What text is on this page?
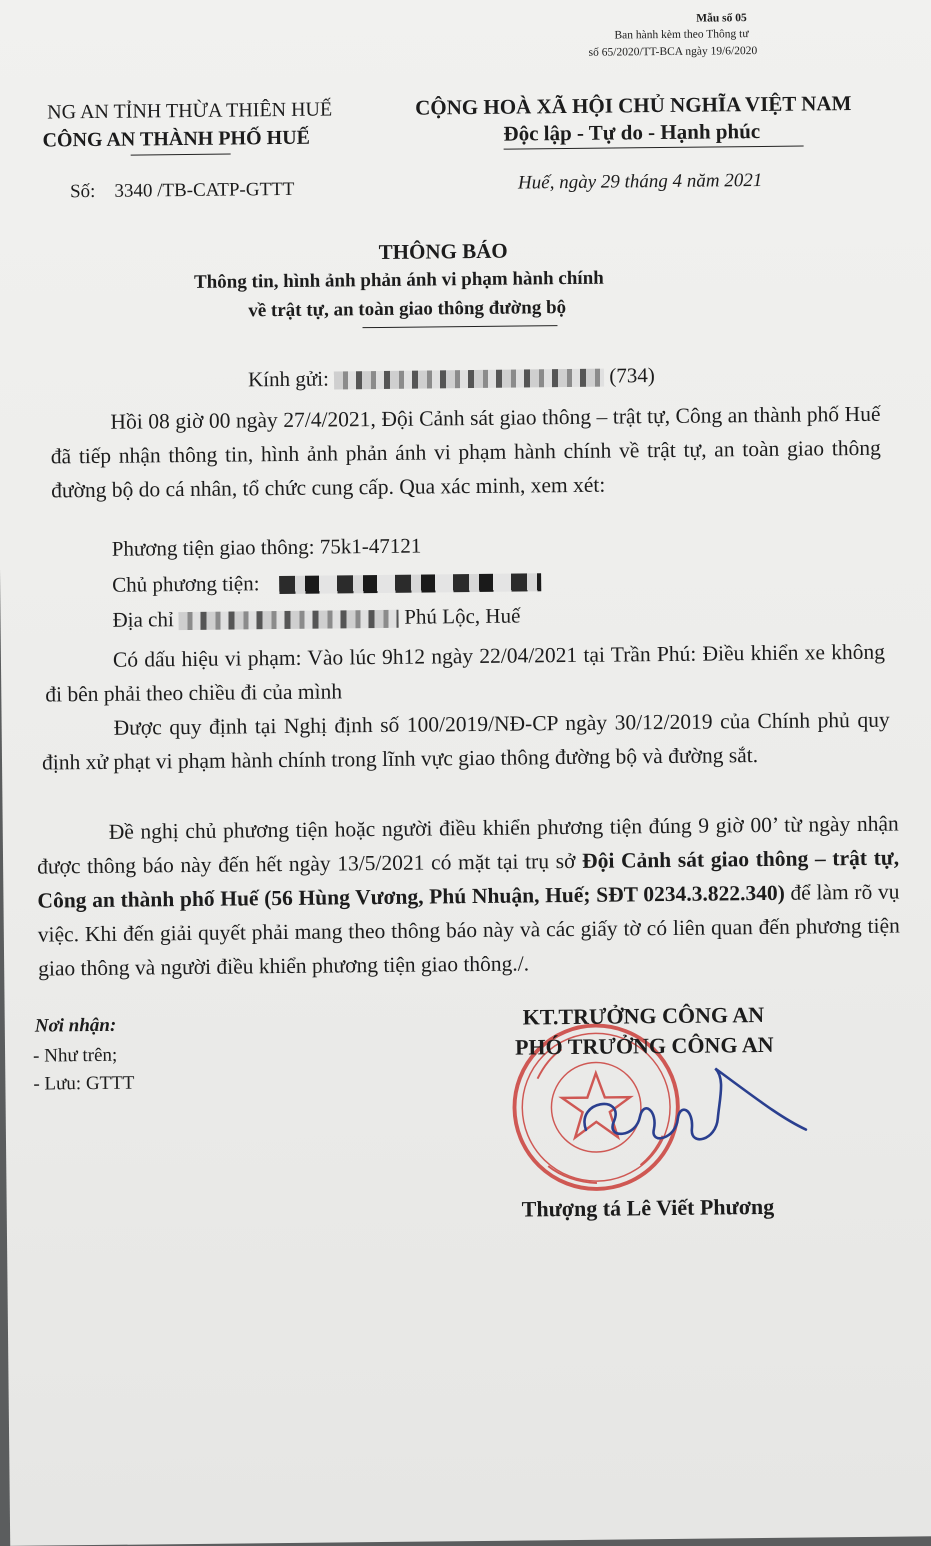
Mẫu số 05
Ban hành kèm theo Thông tư
số 65/2020/TT-BCA ngày 19/6/2020
NG AN TỈNH THỪA THIÊN HUẾ
CÔNG AN THÀNH PHỐ HUẾ
Số: 3340 /TB-CATP-GTTT
CỘNG HOÀ XÃ HỘI CHỦ NGHĨA VIỆT NAM
Độc lập - Tự do - Hạnh phúc
Huế, ngày 29 tháng 4 năm 2021
THÔNG BÁO
Thông tin, hình ảnh phản ánh vi phạm hành chính
về trật tự, an toàn giao thông đường bộ
Kính gửi:	(734)
Hồi 08 giờ 00 ngày 27/4/2021, Đội Cảnh sát giao thông – trật tự, Công an thành phố Huế đã tiếp nhận thông tin, hình ảnh phản ánh vi phạm hành chính về trật tự, an toàn giao thông đường bộ do cá nhân, tổ chức cung cấp. Qua xác minh, xem xét:
Phương tiện giao thông: 75k1-47121
Chủ phương tiện:
Địa chỉ	Phú Lộc, Huế
Có dấu hiệu vi phạm: Vào lúc 9h12 ngày 22/04/2021 tại Trần Phú: Điều khiển xe không đi bên phải theo chiều đi của mình
Được quy định tại Nghị định số 100/2019/NĐ-CP ngày 30/12/2019 của Chính phủ quy định xử phạt vi phạm hành chính trong lĩnh vực giao thông đường bộ và đường sắt.
Đề nghị chủ phương tiện hoặc người điều khiển phương tiện đúng 9 giờ 00’ từ ngày nhận được thông báo này đến hết ngày 13/5/2021 có mặt tại trụ sở Đội Cảnh sát giao thông – trật tự, Công an thành phố Huế (56 Hùng Vương, Phú Nhuận, Huế; SĐT 0234.3.822.340) để làm rõ vụ việc. Khi đến giải quyết phải mang theo thông báo này và các giấy tờ có liên quan đến phương tiện giao thông và người điều khiển phương tiện giao thông./.
Nơi nhận:
- Như trên;
- Lưu: GTTT
KT.TRƯỞNG CÔNG AN
PHÓ TRƯỞNG CÔNG AN
Thượng tá Lê Viết Phương
